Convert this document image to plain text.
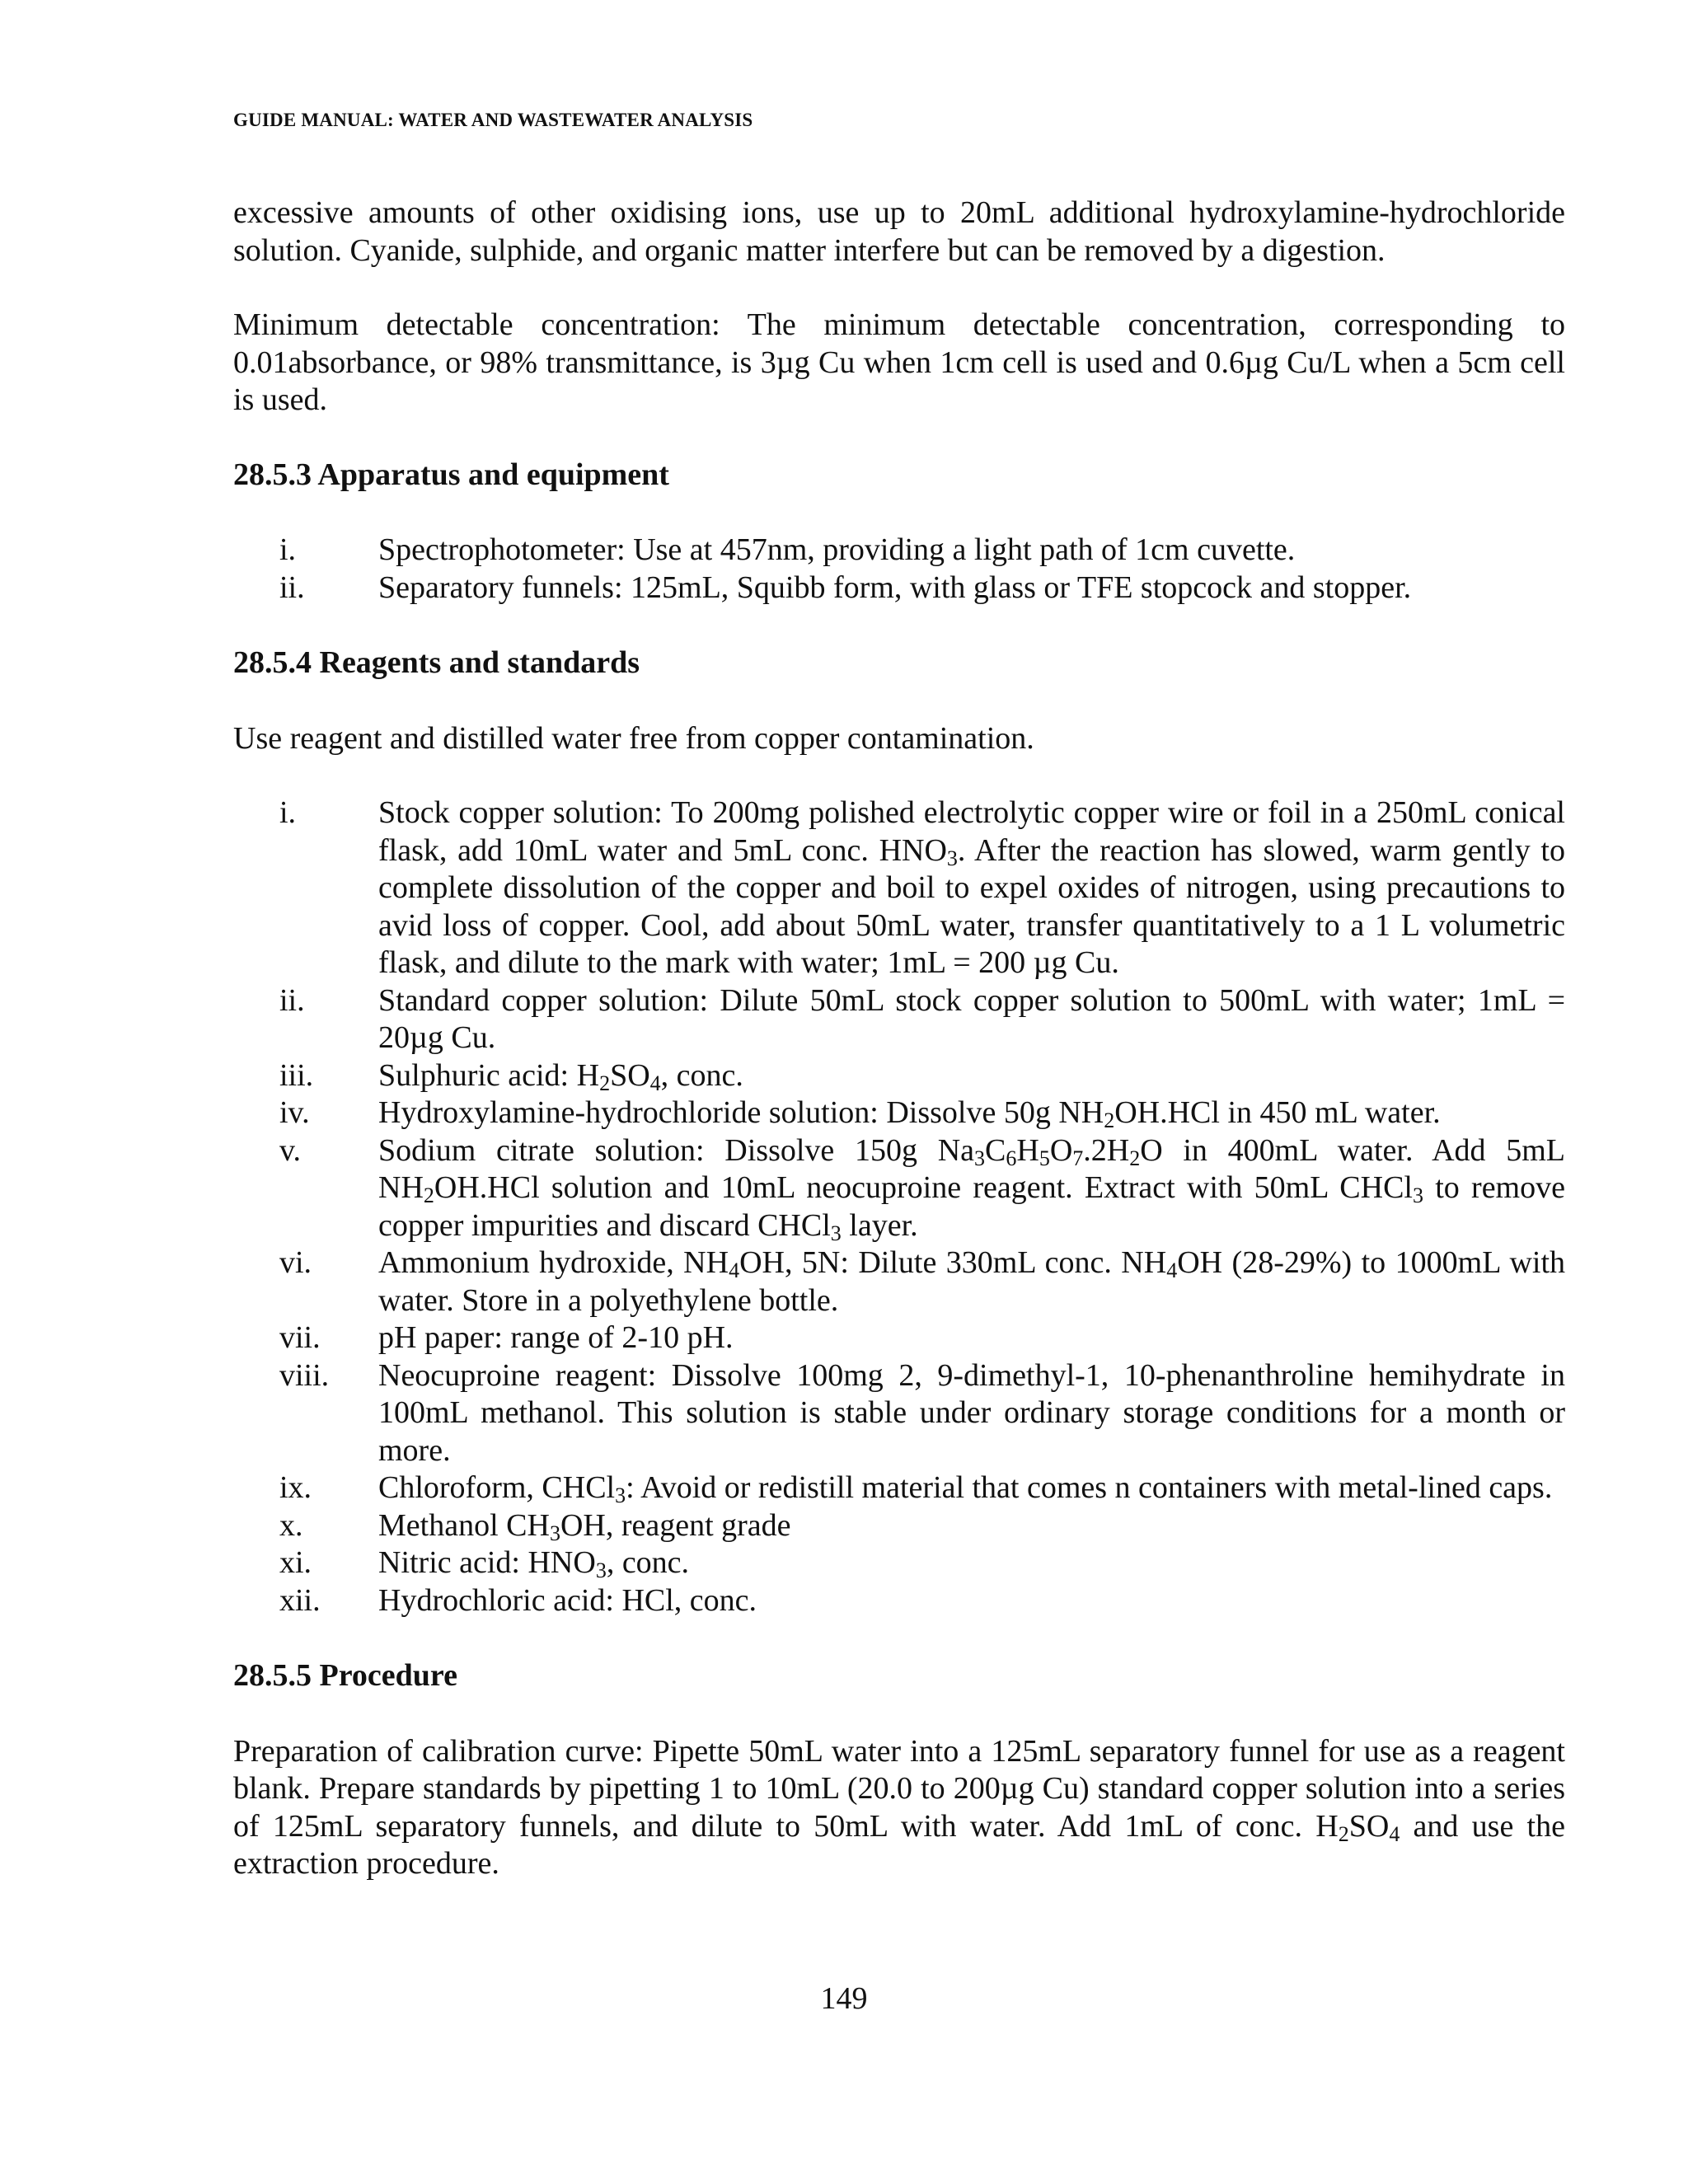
GUIDE MANUAL: WATER AND WASTEWATER ANALYSIS

excessive amounts of other oxidising ions, use up to 20mL additional hydroxylamine-hydrochloride solution. Cyanide, sulphide, and organic matter interfere but can be removed by a digestion.

Minimum detectable concentration: The minimum detectable concentration, corresponding to 0.01absorbance, or 98% transmittance, is 3µg Cu when 1cm cell is used and 0.6µg Cu/L when a 5cm cell is used.

28.5.3 Apparatus and equipment
i.	Spectrophotometer: Use at 457nm, providing a light path of 1cm cuvette.
ii. Separatory funnels: 125mL, Squibb form, with glass or TFE stopcock and stopper.
28.5.4 Reagents and standards

Use reagent and distilled water free from copper contamination.

i.	Stock copper solution: To 200mg polished electrolytic copper wire or foil in a 250mL conical flask, add 10mL water and 5mL conc. $HNO_3$. After the reaction has slowed, warm gently to complete dissolution of the copper and boil to expel oxides of nitrogen, using precautions to avid loss of copper. Cool, add about 50mL water, transfer quantitatively to a 1 L volumetric flask, and dilute to the mark with water; 1mL = 200 µg Cu.
ii. Standard copper solution: Dilute 50mL stock copper solution to 500mL with water; 1mL = 20µg Cu.
iii. Sulphuric acid: $H_2SO_4$, conc.
iv. Hydroxylamine-hydrochloride solution: Dissolve 50g $NH_2OH.HCl$ in 450 mL water.
v. Sodium citrate solution: Dissolve 150g $Na_3C_6H_5O_7.2H_2O$ in 400mL water. Add 5mL $NH_2OH.HCl$ solution and 10mL neocuproine reagent. Extract with 50mL CHCl$_3$ to remove copper impurities and discard CHCl$_3$ layer.
vi. Ammonium hydroxide, $NH_4OH$, 5N: Dilute 330mL conc. $NH_4OH$ (28-29%) to 1000mL with water. Store in a polyethylene bottle.
vii. pH paper: range of 2-10 pH.
viii. Neocuproine reagent: Dissolve 100mg 2, 9-dimethyl-1, 10-phenanthroline hemihydrate in 100mL methanol. This solution is stable under ordinary storage conditions for a month or more.
ix. Chloroform, CHCl$_3$: Avoid or redistill material that comes n containers with metal-lined caps.
x. Methanol $CH_3OH$, reagent grade
xi. Nitric acid: $HNO_3$, conc.
xii. Hydrochloric acid: HCl, conc.
28.5.5 Procedure

Preparation of calibration curve: Pipette 50mL water into a 125mL separatory funnel for use as a reagent blank. Prepare standards by pipetting 1 to 10mL (20.0 to 200µg Cu) standard copper solution into a series of 125mL separatory funnels, and dilute to 50mL with water. Add 1mL of conc. $H_2SO_4$ and use the extraction procedure.

149
